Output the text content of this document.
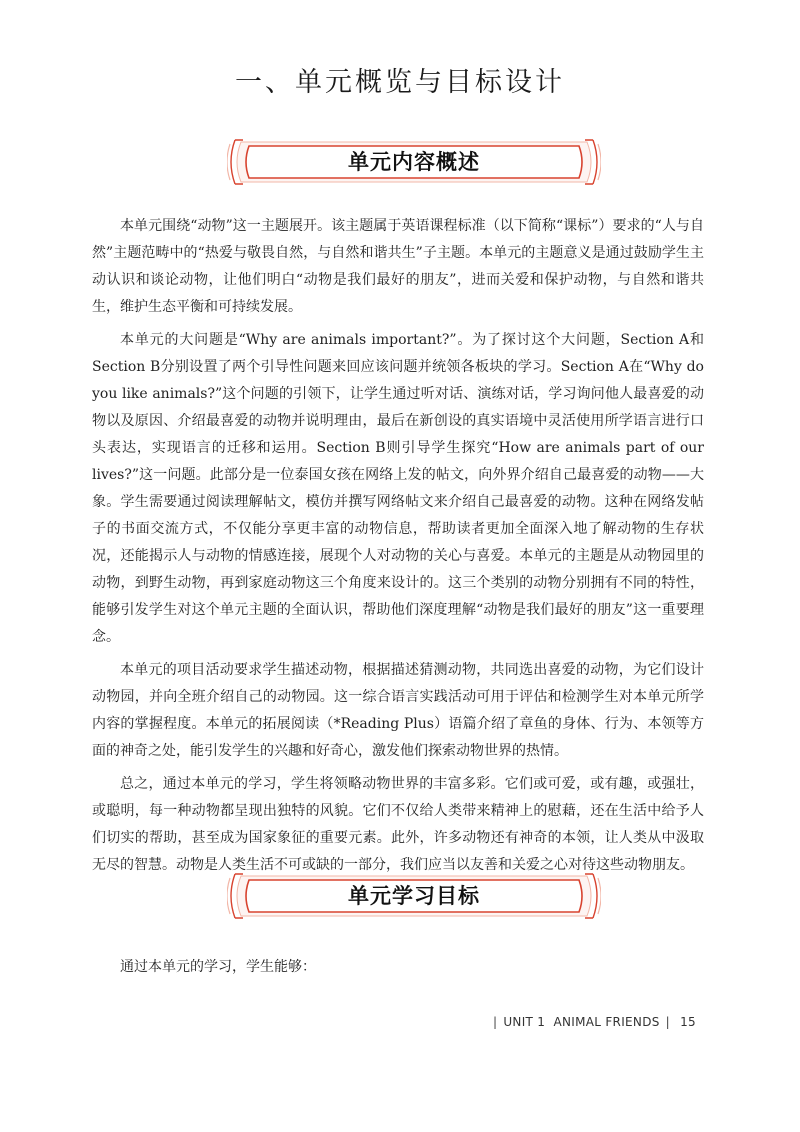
一、单元概览与目标设计
单元内容概述

本单元围绕“动物”这一主题展开。该主题属于英语课程标准（以下简称“课标”）要求的“人与自然”主题范畴中的“热爱与敬畏自然，与自然和谐共生”子主题。本单元的主题意义是通过鼓励学生主动认识和谈论动物，让他们明白“动物是我们最好的朋友”，进而关爱和保护动物，与自然和谐共生，维护生态平衡和可持续发展。

本单元的大问题是“Why are animals important?”。为了探讨这个大问题，Section A和Section B分别设置了两个引导性问题来回应该问题并统领各板块的学习。Section A在“Why do you like animals?”这个问题的引领下，让学生通过听对话、演练对话，学习询问他人最喜爱的动物以及原因、介绍最喜爱的动物并说明理由，最后在新创设的真实语境中灵活使用所学语言进行口头表达，实现语言的迁移和运用。Section B则引导学生探究“How are animals part of our lives?”这一问题。此部分是一位泰国女孩在网络上发的帖文，向外界介绍自己最喜爱的动物——大象。学生需要通过阅读理解帖文，模仿并撰写网络帖文来介绍自己最喜爱的动物。这种在网络发帖子的书面交流方式，不仅能分享更丰富的动物信息，帮助读者更加全面深入地了解动物的生存状况，还能揭示人与动物的情感连接，展现个人对动物的关心与喜爱。本单元的主题是从动物园里的动物，到野生动物，再到家庭动物这三个角度来设计的。这三个类别的动物分别拥有不同的特性，能够引发学生对这个单元主题的全面认识，帮助他们深度理解“动物是我们最好的朋友”这一重要理念。

本单元的项目活动要求学生描述动物，根据描述猜测动物，共同选出喜爱的动物，为它们设计动物园，并向全班介绍自己的动物园。这一综合语言实践活动可用于评估和检测学生对本单元所学内容的掌握程度。本单元的拓展阅读（*Reading Plus）语篇介绍了章鱼的身体、行为、本领等方面的神奇之处，能引发学生的兴趣和好奇心，激发他们探索动物世界的热情。

总之，通过本单元的学习，学生将领略动物世界的丰富多彩。它们或可爱，或有趣，或强壮，或聪明，每一种动物都呈现出独特的风貌。它们不仅给人类带来精神上的慰藉，还在生活中给予人们切实的帮助，甚至成为国家象征的重要元素。此外，许多动物还有神奇的本领，让人类从中汲取无尽的智慧。动物是人类生活不可或缺的一部分，我们应当以友善和关爱之心对待这些动物朋友。

单元学习目标
通过本单元的学习，学生能够：
| UNIT 1 ANIMAL FRIENDS | 15
